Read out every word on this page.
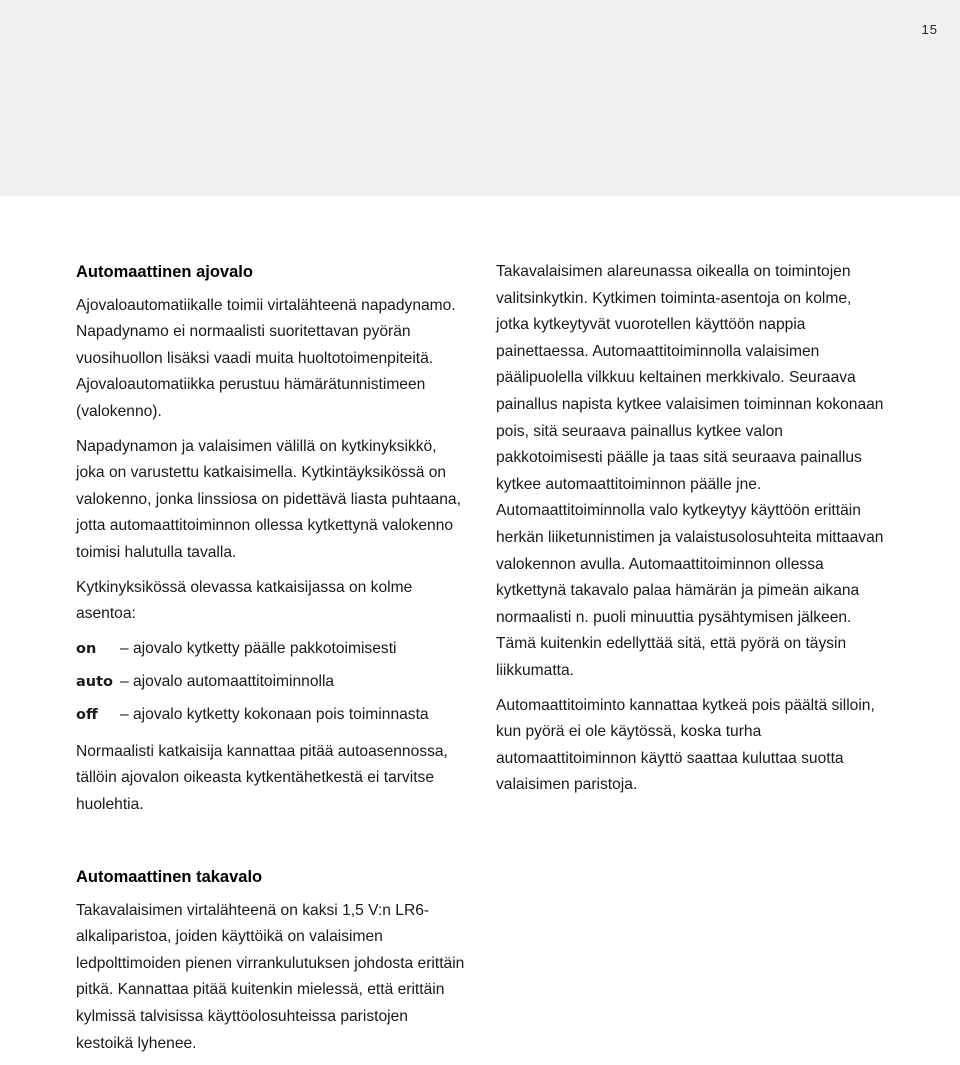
15
Automaattinen ajovalo

Ajovaloautomatiikalle toimii virtalähteenä napadynamo. Napadynamo ei normaalisti suoritettavan pyörän vuosihuollon lisäksi vaadi muita huoltotoimenpiteitä. Ajovaloautomatiikka perustuu hämärätunnistimeen (valokenno).

Napadynamon ja valaisimen välillä on kytkinyksikkö, joka on varustettu katkaisimella. Kytkintäyksikössä on valokenno, jonka linssiosa on pidettävä liasta puhtaana, jotta automaattitoiminnon ollessa kytkettynä valokenno toimisi halutulla tavalla.

Kytkinyksikössä olevassa katkaisijassa on kolme asentoa:

on	– ajovalo kytketty päälle pakkotoimisesti
auto – ajovalo automaattitoiminnolla
off	– ajovalo kytketty kokonaan pois toiminnasta

Normaalisti katkaisija kannattaa pitää autoasennossa, tällöin ajovalon oikeasta kytkentähetkestä ei tarvitse huolehtia.

Takavalaisimen alareunassa oikealla on toimintojen valitsinkytkin. Kytkimen toiminta-asentoja on kolme, jotka kytkeytyvät vuorotellen käyttöön nappia painettaessa. Automaattitoiminnolla valaisimen päälipuolella vilkkuu keltainen merkkivalo. Seuraava painallus napista kytkee valaisimen toiminnan kokonaan pois, sitä seuraava painallus kytkee valon pakkotoimisesti päälle ja taas sitä seuraava painallus kytkee automaattitoiminnon päälle jne. Automaattitoiminnolla valo kytkeytyy käyttöön erittäin herkän liiketunnistimen ja valaistusolosuhteita mittaavan valokennon avulla. Automaattitoiminnon ollessa kytkettynä takavalo palaa hämärän ja pimeän aikana normaalisti n. puoli minuuttia pysähtymisen jälkeen. Tämä kuitenkin edellyttää sitä, että pyörä on täysin liikkumatta.

Automaattitoiminto kannattaa kytkeä pois päältä silloin, kun pyörä ei ole käytössä, koska turha automaattitoiminnon käyttö saattaa kuluttaa suotta valaisimen paristoja.

Automaattinen takavalo

Takavalaisimen virtalähteenä on kaksi 1,5 V:n LR6-alkaliparistoa, joiden käyttöikä on valaisimen ledpolttimoiden pienen virrankulutuksen johdosta erittäin pitkä. Kannattaa pitää kuitenkin mielessä, että erittäin kylmissä talvisissa käyttöolosuhteissa paristojen kestoikä lyhenee.
